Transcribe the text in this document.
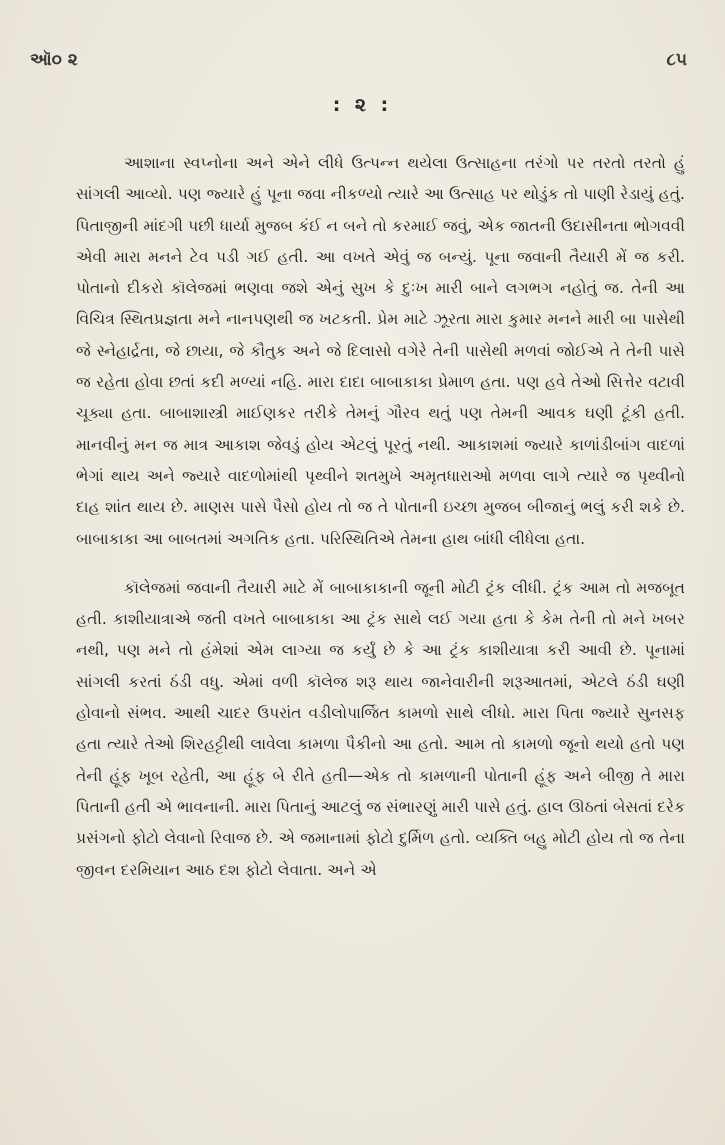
ઑ૦ ૨	૮૫
: ૨ :

આશાના સ્વપ્નોના અને એને લીધે ઉત્પન્ન થયેલા ઉત્સાહના તરંગો પર તરતો તરતો હું સાંગલી આવ્યો. પણ જ્યારે હું પૂના જવા નીકળ્યો ત્યારે આ ઉત્સાહ પર થોડુંક તો પાણી રેડાયું હતું. પિતાજીની માંદગી પછી ધાર્યા મુજબ કંઈ ન બને તો કરમાઈ જવું, એક જાતની ઉદાસીનતા ભોગવવી એવી મારા મનને ટેવ પડી ગઈ હતી. આ વખતે એવું જ બન્યું. પૂના જવાની તૈયારી મેં જ કરી. પોતાનો દીકરો કૉલેજમાં ભણવા જશે એનું સુખ કે દુઃખ મારી બાને લગભગ નહોતું જ. તેની આ વિચિત્ર સ્થિતપ્રજ્ઞતા મને નાનપણથી જ ખટકતી. પ્રેમ માટે ઝૂરતા મારા કુમાર મનને મારી બા પાસેથી જે સ્નેહાર્દ્રતા, જે છાયા, જે કૌતુક અને જે દિલાસો વગેરે તેની પાસેથી મળવાં જોઈએ તે તેની પાસે જ રહેતા હોવા છતાં કદી મળ્યાં નહિ. મારા દાદા બાબાકાકા પ્રેમાળ હતા. પણ હવે તેઓ સિત્તેર વટાવી ચૂક્યા હતા. બાબાશાસ્ત્રી માઈણકર તરીકે તેમનું ગૌરવ થતું પણ તેમની આવક ઘણી ટૂંકી હતી. માનવીનું મન જ માત્ર આકાશ જેવડું હોય એટલું પૂરતું નથી. આકાશમાં જ્યારે કાળાંડીબાંગ વાદળાં ભેગાં થાય અને જ્યારે વાદળોમાંથી પૃથ્વીને શતમુખે અમૃતધારાઓ મળવા લાગે ત્યારે જ પૃથ્વીનો દાહ શાંત થાય છે. માણસ પાસે પૈસો હોય તો જ તે પોતાની ઇચ્છા મુજબ બીજાનું ભલું કરી શકે છે. બાબાકાકા આ બાબતમાં અગતિક હતા. પરિસ્થિતિએ તેમના હાથ બાંધી લીધેલા હતા.

કૉલેજમાં જવાની તૈયારી માટે મેં બાબાકાકાની જૂની મોટી ટ્રંક લીધી. ટ્રંક આમ તો મજબૂત હતી. કાશીયાત્રાએ જતી વખતે બાબાકાકા આ ટ્રંક સાથે લઈ ગયા હતા કે કેમ તેની તો મને ખબર નથી, પણ મને તો હંમેશાં એમ લાગ્યા જ કર્યું છે કે આ ટ્રંક કાશીયાત્રા કરી આવી છે. પૂનામાં સાંગલી કરતાં ઠંડી વધુ. એમાં વળી કૉલેજ શરૂ થાય જાનેવારીની શરૂઆતમાં, એટલે ઠંડી ઘણી હોવાનો સંભવ. આથી ચાદર ઉપરાંત વડીલોપાર્જિત કામળો સાથે લીધો. મારા પિતા જ્યારે સુનસફ હતા ત્યારે તેઓ શિરહટ્ટીથી લાવેલા કામળા પૈકીનો આ હતો. આમ તો કામળો જૂનો થયો હતો પણ તેની હૂંફ ખૂબ રહેતી, આ હૂંફ બે રીતે હતી—એક તો કામળાની પોતાની હૂંફ અને બીજી તે મારા પિતાની હતી એ ભાવનાની. મારા પિતાનું આટલું જ સંભારણું મારી પાસે હતું. હાલ ઊઠતાં બેસતાં દરેક પ્રસંગનો ફોટો લેવાનો રિવાજ છે. એ જમાનામાં ફોટો દુર્મિળ હતો. વ્યક્તિ બહુ મોટી હોય તો જ તેના જીવન દરમિયાન આઠ દશ ફોટો લેવાતા. અને એ
